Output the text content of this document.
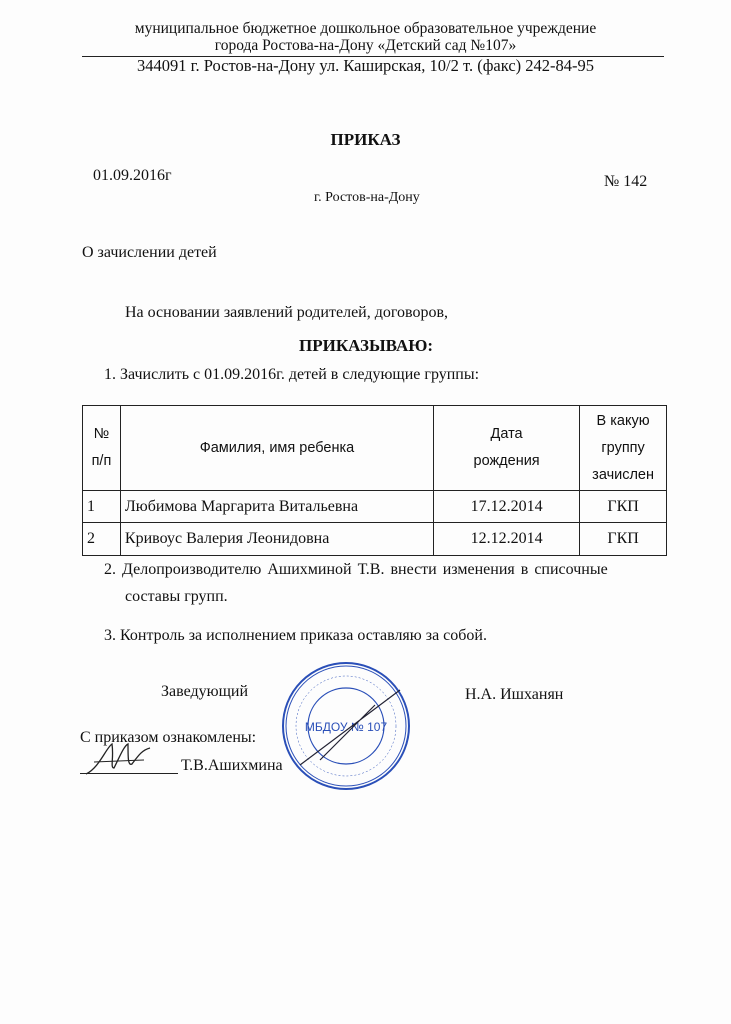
муниципальное бюджетное дошкольное образовательное учреждение
города Ростова-на-Дону «Детский сад №107»
344091 г. Ростов-на-Дону ул. Каширская, 10/2 т. (факс) 242-84-95
ПРИКАЗ
01.09.2016г	№ 142
г. Ростов-на-Дону
О зачислении детей
На основании заявлений родителей, договоров,
ПРИКАЗЫВАЮ:
1. Зачислить с 01.09.2016г. детей в следующие группы:
№ п/п	Фамилия, имя ребенка	Дата рождения	В какую группу зачислен
1	Любимова Маргарита Витальевна	17.12.2014	ГКП
2	Кривоус Валерия Леонидовна	12.12.2014	ГКП
2. Делопроизводителю Ашихминой Т.В. внести изменения в списочные
составы групп.
3. Контроль за исполнением приказа оставляю за собой.
Заведующий	Н.А. Ишханян
С приказом ознакомлены:
Т.В.Ашихмина
МБДОУ № 107
